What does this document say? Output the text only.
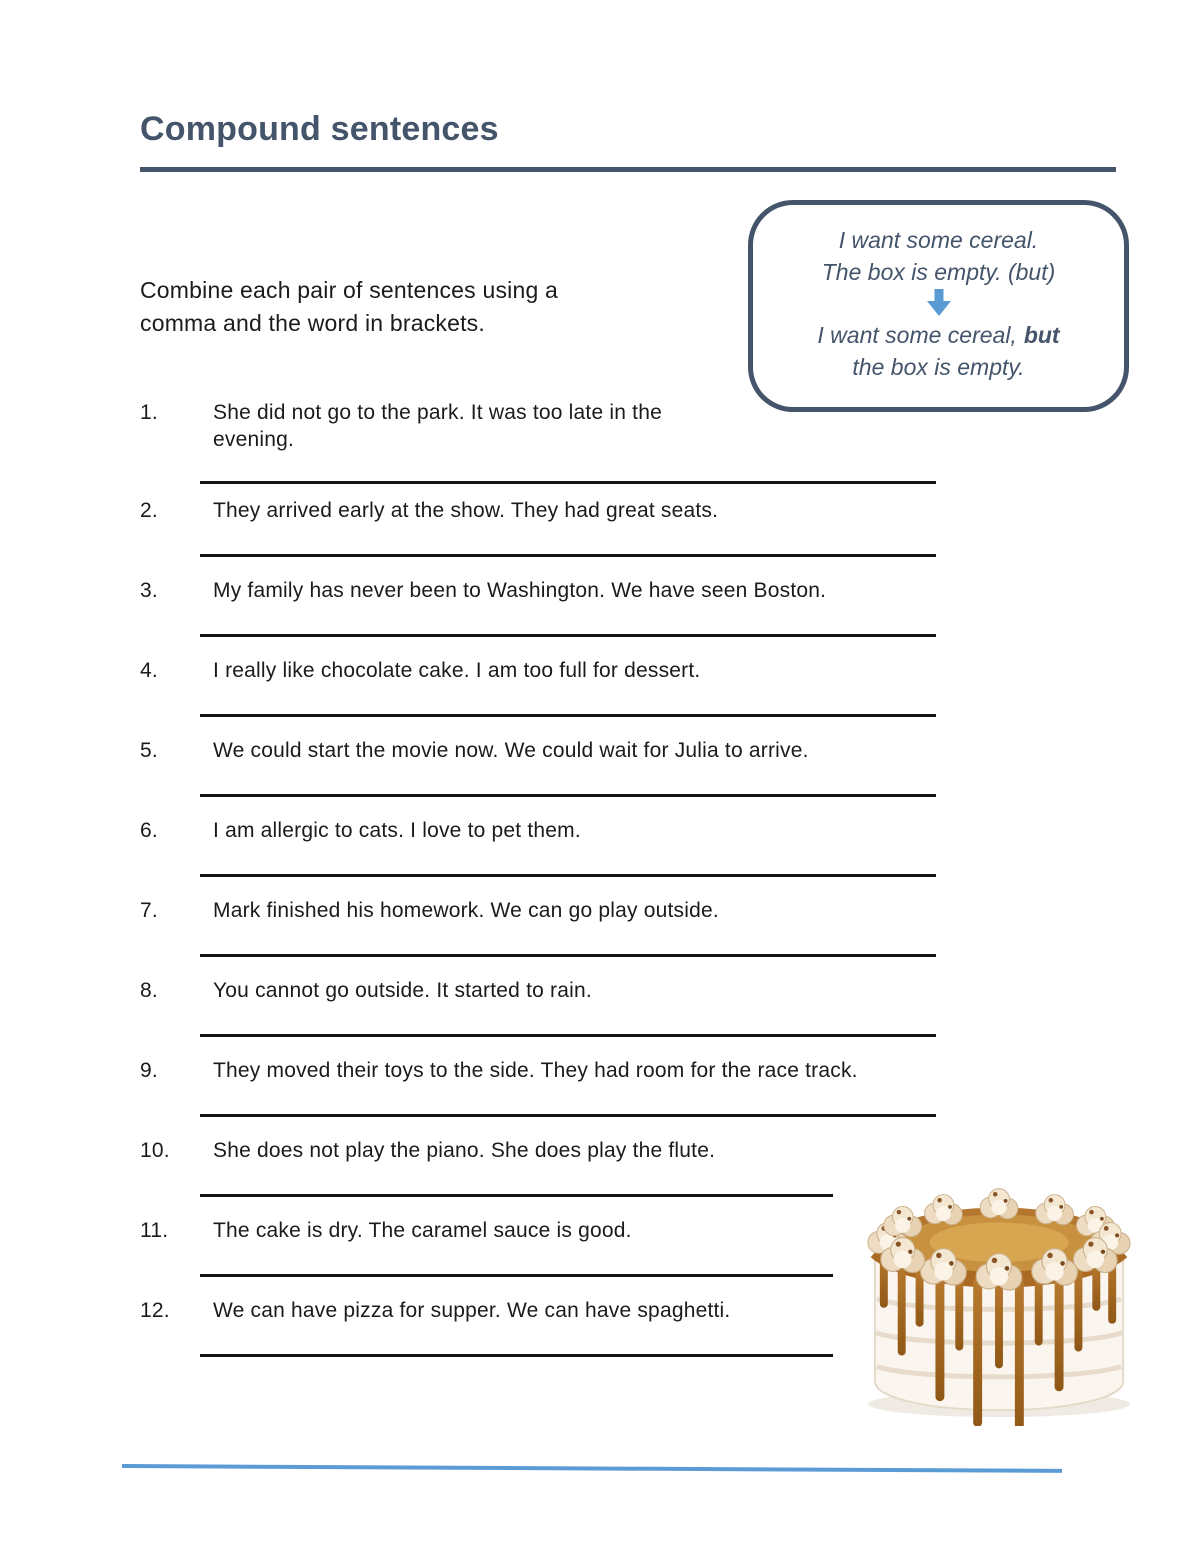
Compound sentences
Combine each pair of sentences using a
comma and the word in brackets.
I want some cereal.
The box is empty. (but)
I want some cereal, but
the box is empty.
1.	She did not go to the park. It was too late in the evening.
2.	They arrived early at the show. They had great seats.
3.	My family has never been to Washington. We have seen Boston.
4.	I really like chocolate cake. I am too full for dessert.
5.	We could start the movie now. We could wait for Julia to arrive.
6.	I am allergic to cats. I love to pet them.
7.	Mark finished his homework. We can go play outside.
8.	You cannot go outside. It started to rain.
9.	They moved their toys to the side. They had room for the race track.
10.	She does not play the piano. She does play the flute.
11.	The cake is dry. The caramel sauce is good.
12.	We can have pizza for supper. We can have spaghetti.
